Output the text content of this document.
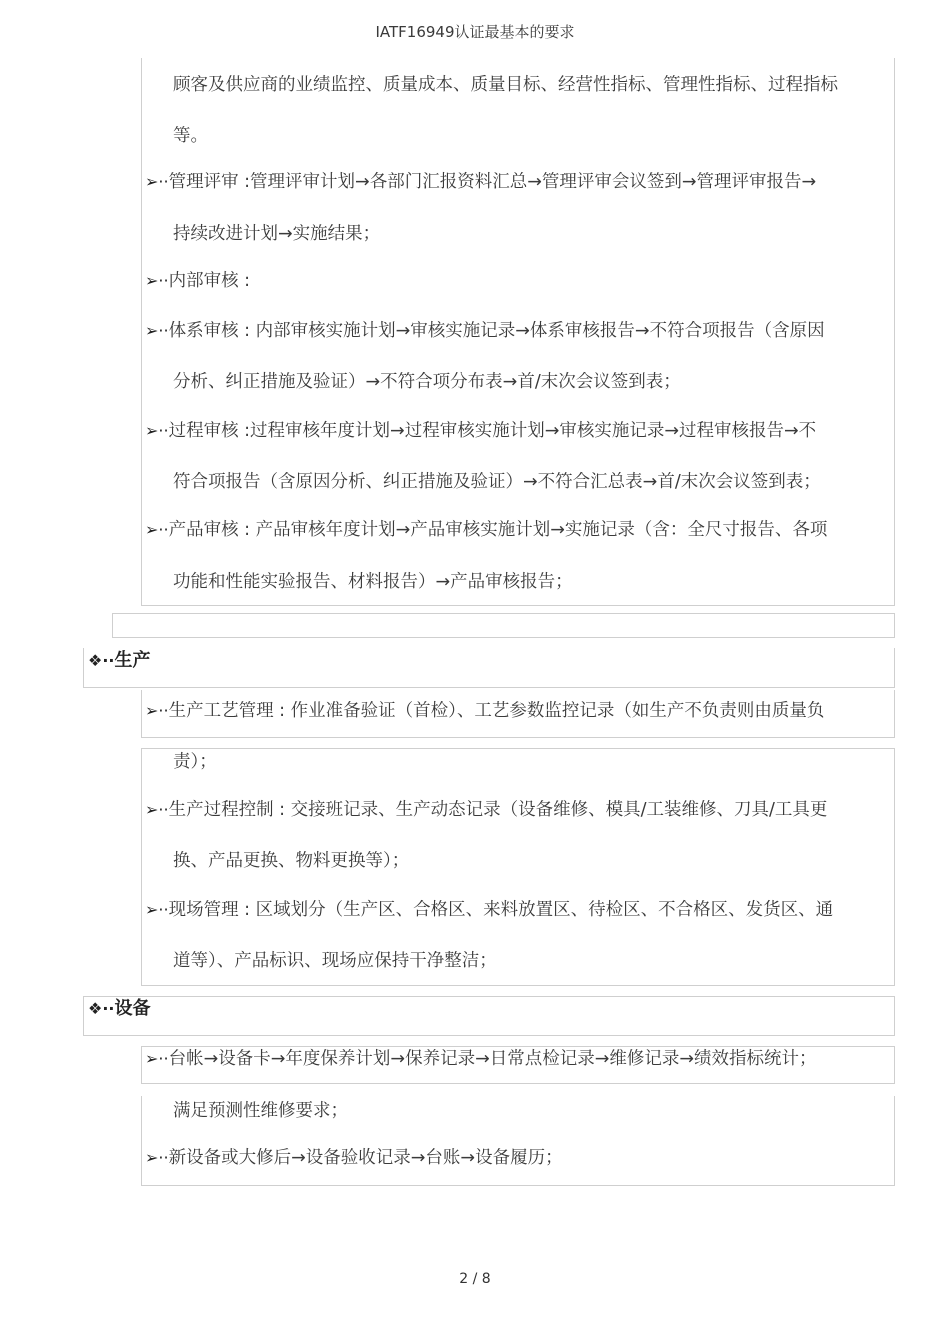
IATF16949认证最基本的要求
顾客及供应商的业绩监控、质量成本、质量目标、经营性指标、管理性指标、过程指标
等。
➢··管理评审 :管理评审计划→各部门汇报资料汇总→管理评审会议签到→管理评审报告→
持续改进计划→实施结果；
➢··内部审核 :
➢··体系审核 : 内部审核实施计划→审核实施记录→体系审核报告→不符合项报告（含原因
分析、纠正措施及验证）→不符合项分布表→首/末次会议签到表；
➢··过程审核 :过程审核年度计划→过程审核实施计划→审核实施记录→过程审核报告→不
符合项报告（含原因分析、纠正措施及验证）→不符合汇总表→首/末次会议签到表；
➢··产品审核 : 产品审核年度计划→产品审核实施计划→实施记录（含：全尺寸报告、各项
功能和性能实验报告、材料报告）→产品审核报告；
❖··生产
➢··生产工艺管理 : 作业准备验证（首检）、工艺参数监控记录（如生产不负责则由质量负
责）；
➢··生产过程控制 : 交接班记录、生产动态记录（设备维修、模具/工装维修、刀具/工具更
换、产品更换、物料更换等）；
➢··现场管理 : 区域划分（生产区、合格区、来料放置区、待检区、不合格区、发货区、通
道等）、产品标识、现场应保持干净整洁；
❖··设备
➢··台帐→设备卡→年度保养计划→保养记录→日常点检记录→维修记录→绩效指标统计；
满足预测性维修要求；
➢··新设备或大修后→设备验收记录→台账→设备履历；
2 / 8
